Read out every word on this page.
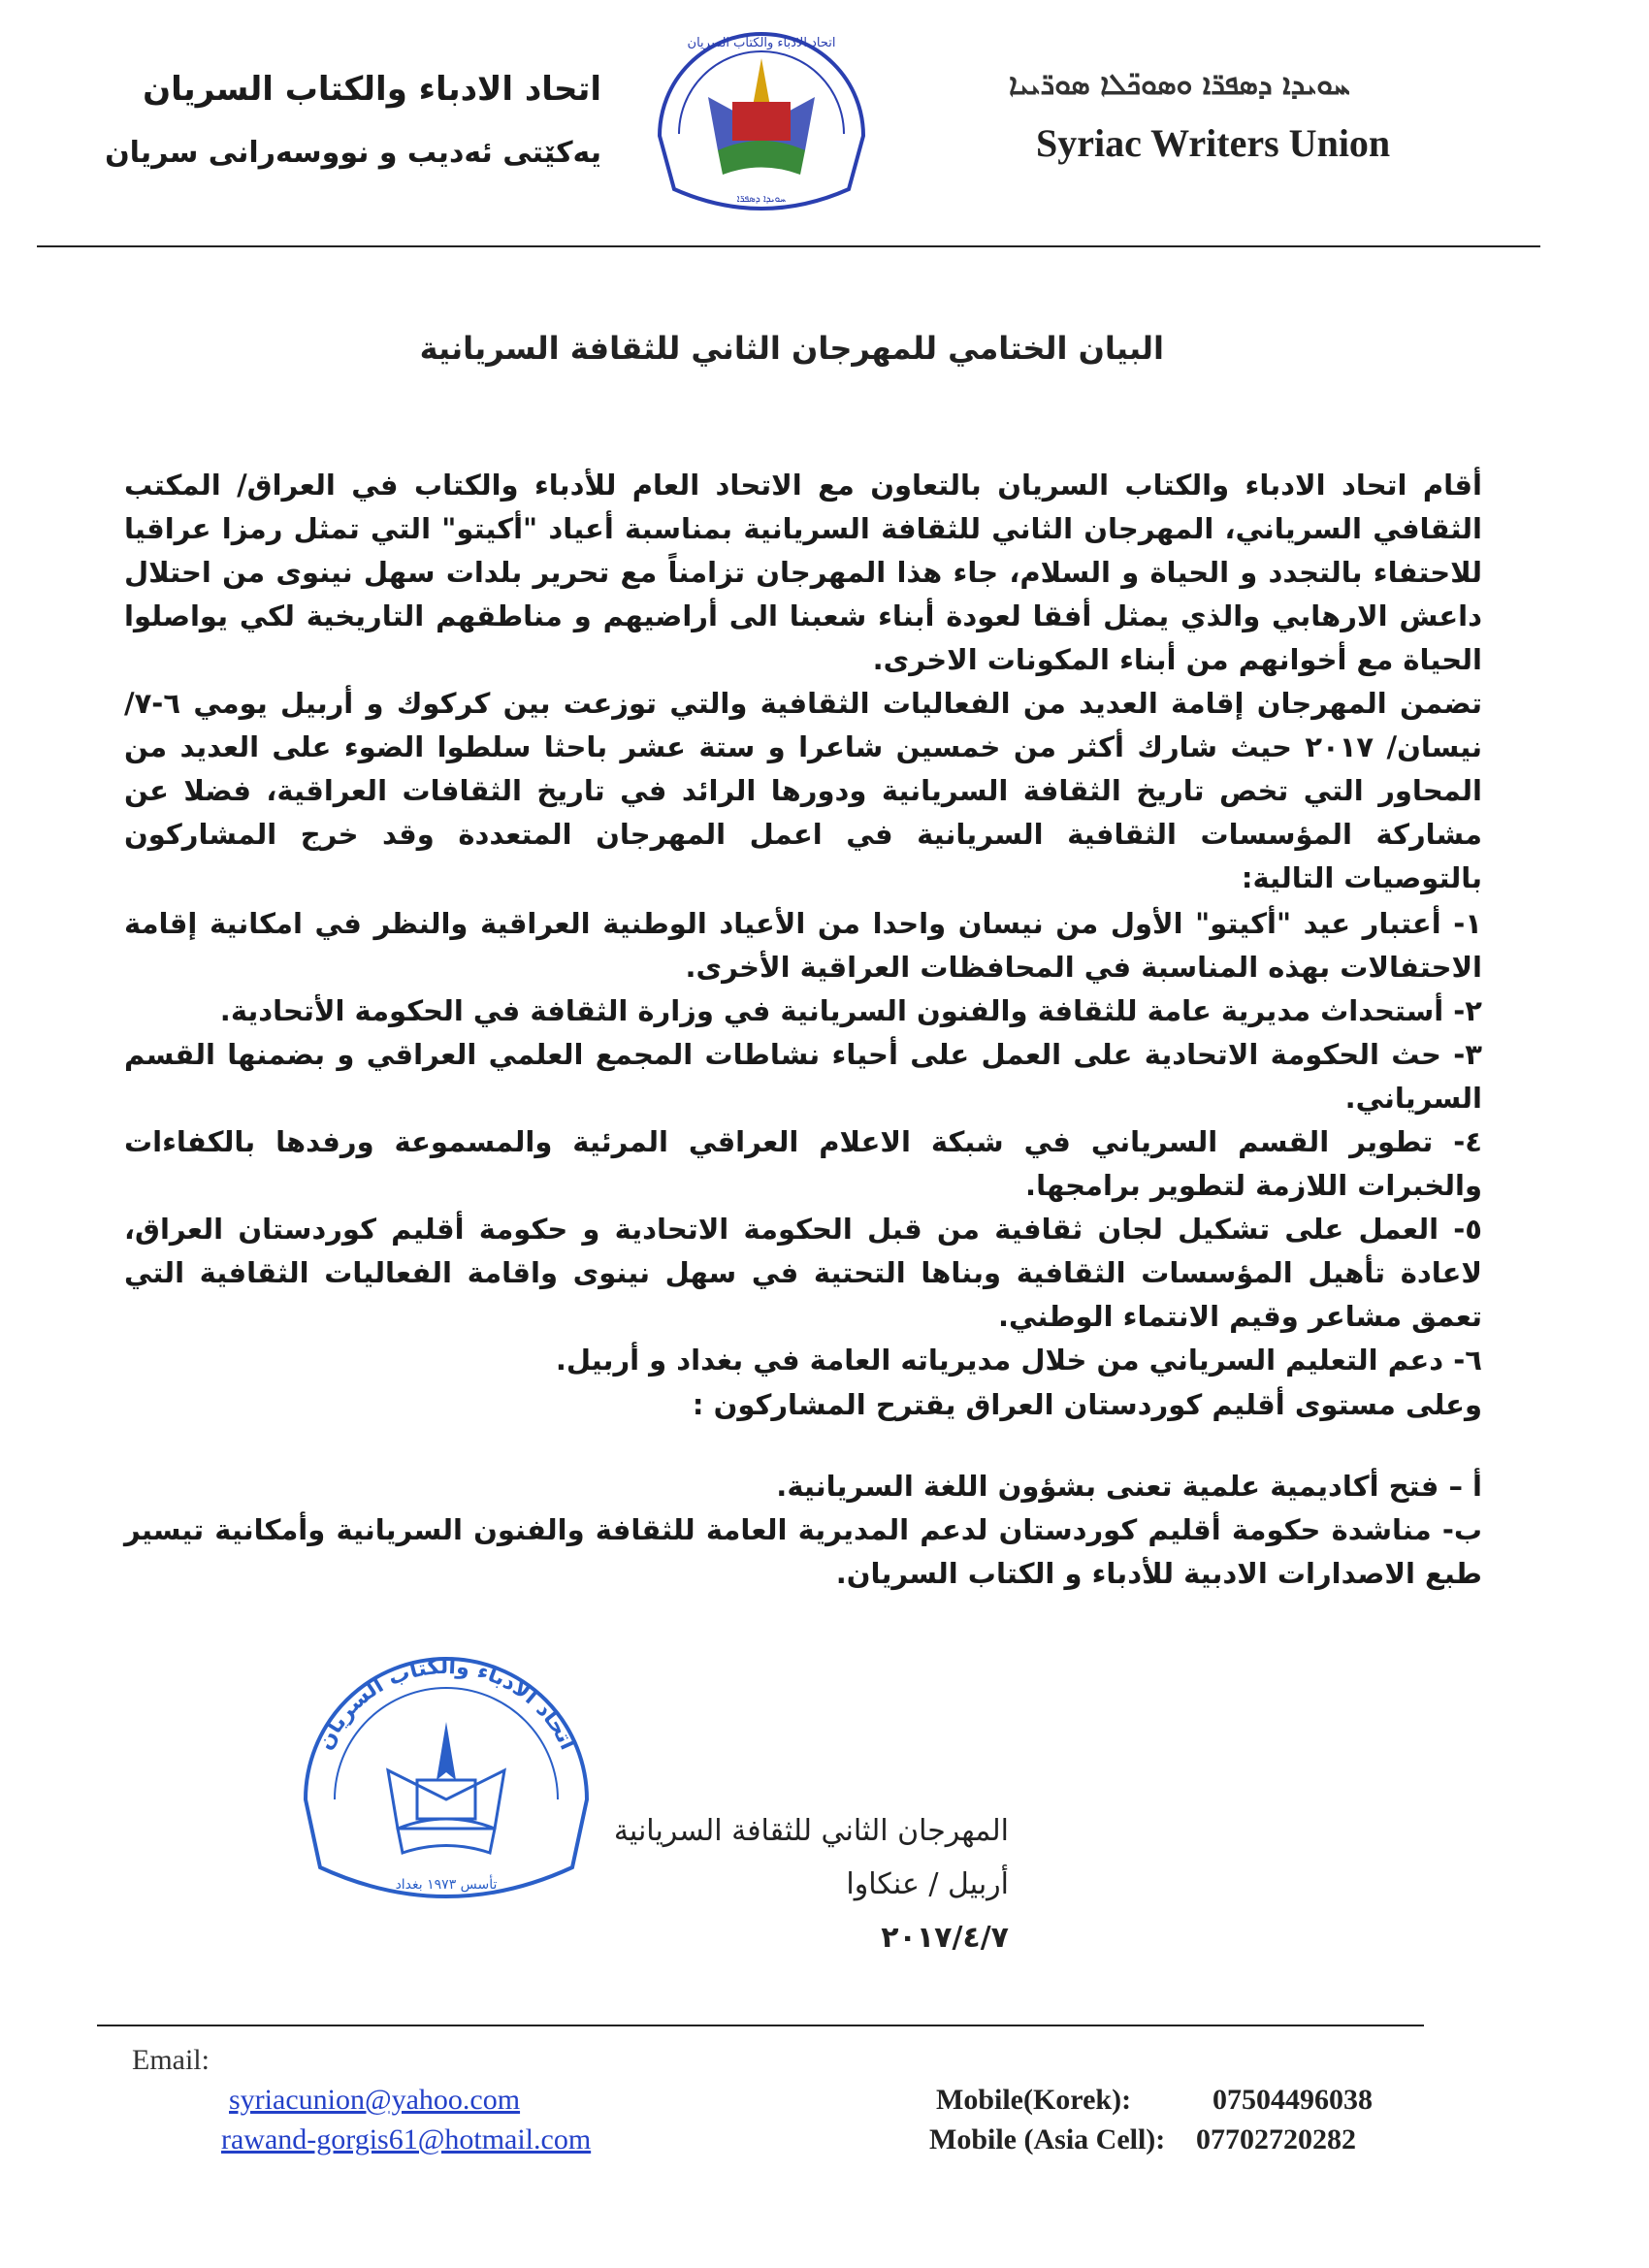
اتحاد الادباء والكتاب السريان
يەكێتی ئەديب و نووسەرانی سريان
ܚܘܝܕܐ ܕܣܦܪ̈ܐ ܘܣܘܟ̈ܠܐ ܣܘܪ̈ܝܝܐ
Syriac Writers Union
اتحاد الادباء والكتاب السريان
ܚܘܝܕܐ ܕܣܦܪ̈ܐ
البيان الختامي للمهرجان الثاني للثقافة السريانية

أقام اتحاد الادباء والكتاب السريان بالتعاون مع الاتحاد العام للأدباء والكتاب في العراق/ المكتب الثقافي السرياني، المهرجان الثاني للثقافة السريانية بمناسبة أعياد "أكيتو" التي تمثل رمزا عراقيا للاحتفاء بالتجدد و الحياة و السلام، جاء هذا المهرجان تزامناً مع تحرير بلدات سهل نينوى من احتلال داعش الارهابي والذي يمثل أفقا لعودة أبناء شعبنا الى أراضيهم و مناطقهم التاريخية لكي يواصلوا الحياة مع أخوانهم من أبناء المكونات الاخرى.

تضمن المهرجان إقامة العديد من الفعاليات الثقافية والتي توزعت بين كركوك و أربيل يومي ٦-٧/نيسان/ ٢٠١٧ حيث شارك أكثر من خمسين شاعرا و ستة عشر باحثا سلطوا الضوء على العديد من المحاور التي تخص تاريخ الثقافة السريانية ودورها الرائد في تاريخ الثقافات العراقية، فضلا عن مشاركة المؤسسات الثقافية السريانية في اعمل المهرجان المتعددة وقد خرج المشاركون بالتوصيات التالية:

١- أعتبار عيد "أكيتو" الأول من نيسان واحدا من الأعياد الوطنية العراقية والنظر في امكانية إقامة الاحتفالات بهذه المناسبة في المحافظات العراقية الأخرى.

٢- أستحداث مديرية عامة للثقافة والفنون السريانية في وزارة الثقافة في الحكومة الأتحادية.

٣- حث الحكومة الاتحادية على العمل على أحياء نشاطات المجمع العلمي العراقي و بضمنها القسم السرياني.

٤- تطوير القسم السرياني في شبكة الاعلام العراقي المرئية والمسموعة ورفدها بالكفاءات والخبرات اللازمة لتطوير برامجها.

٥- العمل على تشكيل لجان ثقافية من قبل الحكومة الاتحادية و حكومة أقليم كوردستان العراق، لاعادة تأهيل المؤسسات الثقافية وبناها التحتية في سهل نينوى واقامة الفعاليات الثقافية التي تعمق مشاعر وقيم الانتماء الوطني.

٦- دعم التعليم السرياني من خلال مديرياته العامة في بغداد و أربيل.

وعلى مستوى أقليم كوردستان العراق يقترح المشاركون :

أ – فتح أكاديمية علمية تعنى بشؤون اللغة السريانية.

ب- مناشدة حكومة أقليم كوردستان لدعم المديرية العامة للثقافة والفنون السريانية وأمكانية تيسير طبع الاصدارات الادبية للأدباء و الكتاب السريان.

اتحاد الادباء والكتاب السريان
تأسس ١٩٧٣ بغداد
المهرجان الثاني للثقافة السريانية
أربيل / عنكاوا
٢٠١٧/٤/٧
Email:
syriacunion@yahoo.com
rawand-gorgis61@hotmail.com
Mobile(Korek):	07504496038
Mobile (Asia Cell): 07702720282
